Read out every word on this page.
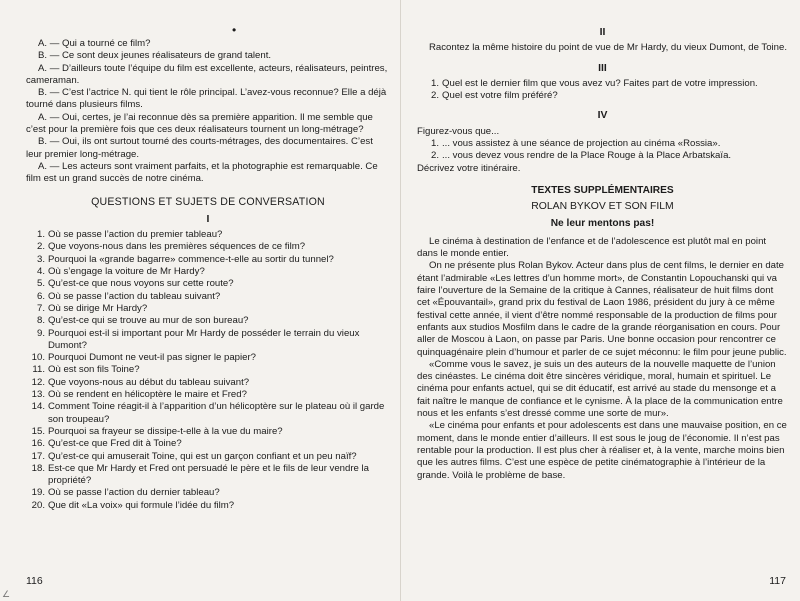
•

A. — Qui a tourné ce film?

B. — Ce sont deux jeunes réalisateurs de grand talent.

A. — D’ailleurs toute l’équipe du film est excellente, acteurs, réalisateurs, peintres, cameraman.

B. — C’est l’actrice N. qui tient le rôle principal. L’avez-vous reconnue? Elle a déjà tourné dans plusieurs films.

A. — Oui, certes, je l’ai reconnue dès sa première apparition. Il me semble que c’est pour la première fois que ces deux réalisateurs tournent un long-métrage?

B. — Oui, ils ont surtout tourné des courts-métrages, des documentaires. C’est leur premier long-métrage.

A. — Les acteurs sont vraiment parfaits, et la photographie est remarquable. Ce film est un grand succès de notre cinéma.

QUESTIONS ET SUJETS DE CONVERSATION
I
1. Où se passe l’action du premier tableau?
2. Que voyons-nous dans les premières séquences de ce film?
3. Pourquoi la «grande bagarre» commence-t-elle au sortir du tunnel?
4. Où s’engage la voiture de Mr Hardy?
5. Qu’est-ce que nous voyons sur cette route?
6. Où se passe l’action du tableau suivant?
7. Où se dirige Mr Hardy?
8. Qu’est-ce qui se trouve au mur de son bureau?
9. Pourquoi est-il si important pour Mr Hardy de posséder le terrain du vieux Dumont?
10. Pourquoi Dumont ne veut-il pas signer le papier?
11. Où est son fils Toine?
12. Que voyons-nous au début du tableau suivant?
13. Où se rendent en hélicoptère le maire et Fred?
14. Comment Toine réagit-il à l’apparition d’un hélicoptère sur le plateau où il garde son troupeau?
15. Pourquoi sa frayeur se dissipe-t-elle à la vue du maire?
16. Qu’est-ce que Fred dit à Toine?
17. Qu’est-ce qui amuserait Toine, qui est un garçon confiant et un peu naïf?
18. Est-ce que Mr Hardy et Fred ont persuadé le père et le fils de leur vendre la propriété?
19. Où se passe l’action du dernier tableau?
20. Que dit «La voix» qui formule l’idée du film?
116
∠
II

Racontez la même histoire du point de vue de Mr Hardy, du vieux Dumont, de Toine.

III
1. Quel est le dernier film que vous avez vu? Faites part de votre impression.
2. Quel est votre film préféré?
IV

Figurez-vous que...

1. ... vous assistez à une séance de projection au cinéma «Rossia».
2. ... vous devez vous rendre de la Place Rouge à la Place Arbatskaïa.

Décrivez votre itinéraire.

TEXTES SUPPLÉMENTAIRES
ROLAN BYKOV ET SON FILM
Ne leur mentons pas!

Le cinéma à destination de l’enfance et de l’adolescence est plutôt mal en point dans le monde entier.

On ne présente plus Rolan Bykov. Acteur dans plus de cent films, le dernier en date étant l’admirable «Les lettres d’un homme mort», de Constantin Lopouchanski qui va faire l’ouverture de la Semaine de la critique à Cannes, réalisateur de huit films dont cet «Épouvantail», grand prix du festival de Laon 1986, président du jury à ce même festival cette année, il vient d’être nommé responsable de la production de films pour enfants aux studios Mosfilm dans le cadre de la grande réorganisation en cours. Pour aller de Moscou à Laon, on passe par Paris. Une bonne occasion pour rencontrer ce quinquagénaire plein d’humour et parler de ce sujet méconnu: le film pour jeune public.

«Comme vous le savez, je suis un des auteurs de la nouvelle maquette de l’union des cinéastes. Le cinéma doit être sincères véridique, moral, humain et spirituel. Le cinéma pour enfants actuel, qui se dit éducatif, est arrivé au stade du mensonge et a fait naître le manque de confiance et le cynisme. À la place de la communication entre nous et les enfants s’est dressé comme une sorte de mur».

«Le cinéma pour enfants et pour adolescents est dans une mauvaise position, en ce moment, dans le monde entier d’ailleurs. Il est sous le joug de l’économie. Il n’est pas rentable pour la production. Il est plus cher à réaliser et, à la vente, marche moins bien que les autres films. C’est une espèce de petite cinématographie à l’intérieur de la grande. Voilà le problème de base.

117
